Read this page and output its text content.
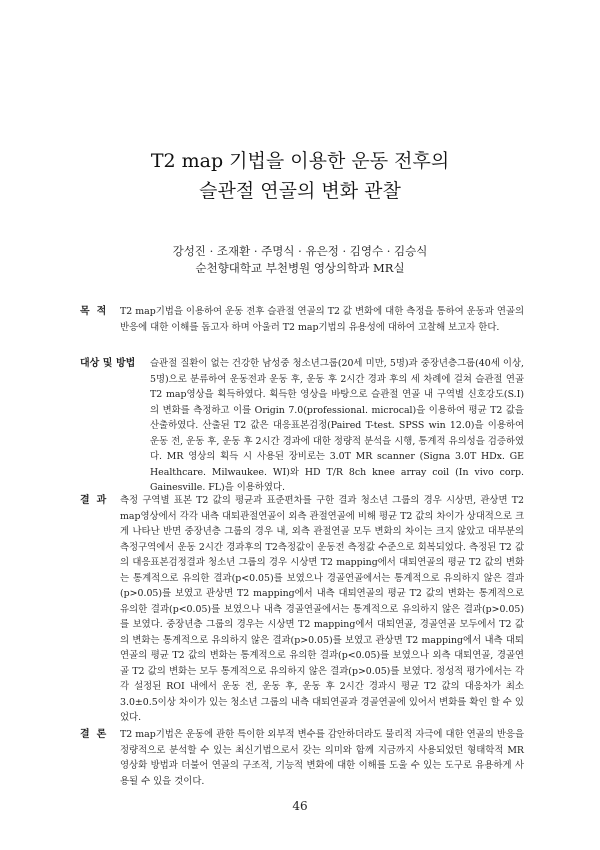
T2 map 기법을 이용한 운동 전후의
슬관절 연골의 변화 관찰
강성진 · 조재환 · 주명식 · 유은정 · 김영수 · 김승식
순천향대학교 부천병원 영상의학과 MR실
목  적	T2 map기법을 이용하여 운동 전후 슬관절 연골의 T2 값 변화에 대한 측정을 통하여 운동과 연골의 반응에 대한 이해를 돕고자 하며 아울러 T2 map기법의 유용성에 대하여 고찰해 보고자 한다.
대상 및 방법	슬관절 질환이 없는 건강한 남성중 청소년그룹(20세 미만, 5명)과 중장년층그룹(40세 이상, 5명)으로 분류하여 운동전과 운동 후, 운동 후 2시간 경과 후의 세 차례에 걸쳐 슬관절 연골 T2 map영상을 획득하였다. 획득한 영상을 바탕으로 슬관절 연골 내 구역별 신호강도(S.I)의 변화를 측정하고 이를 Origin 7.0(professional. microcal)을 이용하여 평균 T2 값을 산출하였다. 산출된 T2 값은 대응표본검정(Paired T-test. SPSS win 12.0)을 이용하여 운동 전, 운동 후, 운동 후 2시간 경과에 대한 정량적 분석을 시행, 통계적 유의성을 검증하였다. MR 영상의 획득 시 사용된 장비로는 3.0T MR scanner (Signa 3.0T HDx. GE Healthcare. Milwaukee. WI)와 HD T/R 8ch knee array coil (In vivo corp. Gainesville. FL)을 이용하였다.
결  과	측정 구역별 표본 T2 값의 평균과 표준편차를 구한 결과 청소년 그룹의 경우 시상면, 관상면 T2 map영상에서 각각 내측 대퇴관절연골이 외측 관절연골에 비해 평균 T2 값의 차이가 상대적으로 크게 나타난 반면 중장년층 그룹의 경우 내, 외측 관절연골 모두 변화의 차이는 크지 않았고 대부분의 측정구역에서 운동 2시간 경과후의 T2측정값이 운동전 측정값 수준으로 회복되었다. 측정된 T2 값의 대응표본검정결과 청소년 그룹의 경우 시상면 T2 mapping에서 대퇴연골의 평균 T2 값의 변화는 통계적으로 유의한 결과(p<0.05)를 보였으나 경골연골에서는 통계적으로 유의하지 않은 결과(p>0.05)를 보였고 관상면 T2 mapping에서 내측 대퇴연골의 평균 T2 값의 변화는 통계적으로 유의한 결과(p<0.05)를 보였으나 내측 경골연골에서는 통계적으로 유의하지 않은 결과(p>0.05)를 보였다. 중장년층 그룹의 경우는 시상면 T2 mapping에서 대퇴연골, 경골연골 모두에서 T2 값의 변화는 통계적으로 유의하지 않은 결과(p>0.05)를 보였고 관상면 T2 mapping에서 내측 대퇴연골의 평균 T2 값의 변화는 통계적으로 유의한 결과(p<0.05)를 보였으나 외측 대퇴연골, 경골연골 T2 값의 변화는 모두 통계적으로 유의하지 않은 결과(p>0.05)를 보였다. 정성적 평가에서는 각각 설정된 ROI 내에서 운동 전, 운동 후, 운동 후 2시간 경과시 평균 T2 값의 대응차가 최소 3.0±0.5이상 차이가 있는 청소년 그룹의 내측 대퇴연골과 경골연골에 있어서 변화를 확인 할 수 있었다.
결  론	T2 map기법은 운동에 관한 특이한 외부적 변수를 감안하더라도 물리적 자극에 대한 연골의 반응을 정량적으로 분석할 수 있는 최신기법으로서 갖는 의미와 함께 지금까지 사용되었던 형태학적 MR 영상화 방법과 더불어 연골의 구조적, 기능적 변화에 대한 이해를 도울 수 있는 도구로 유용하게 사용될 수 있을 것이다.
46
